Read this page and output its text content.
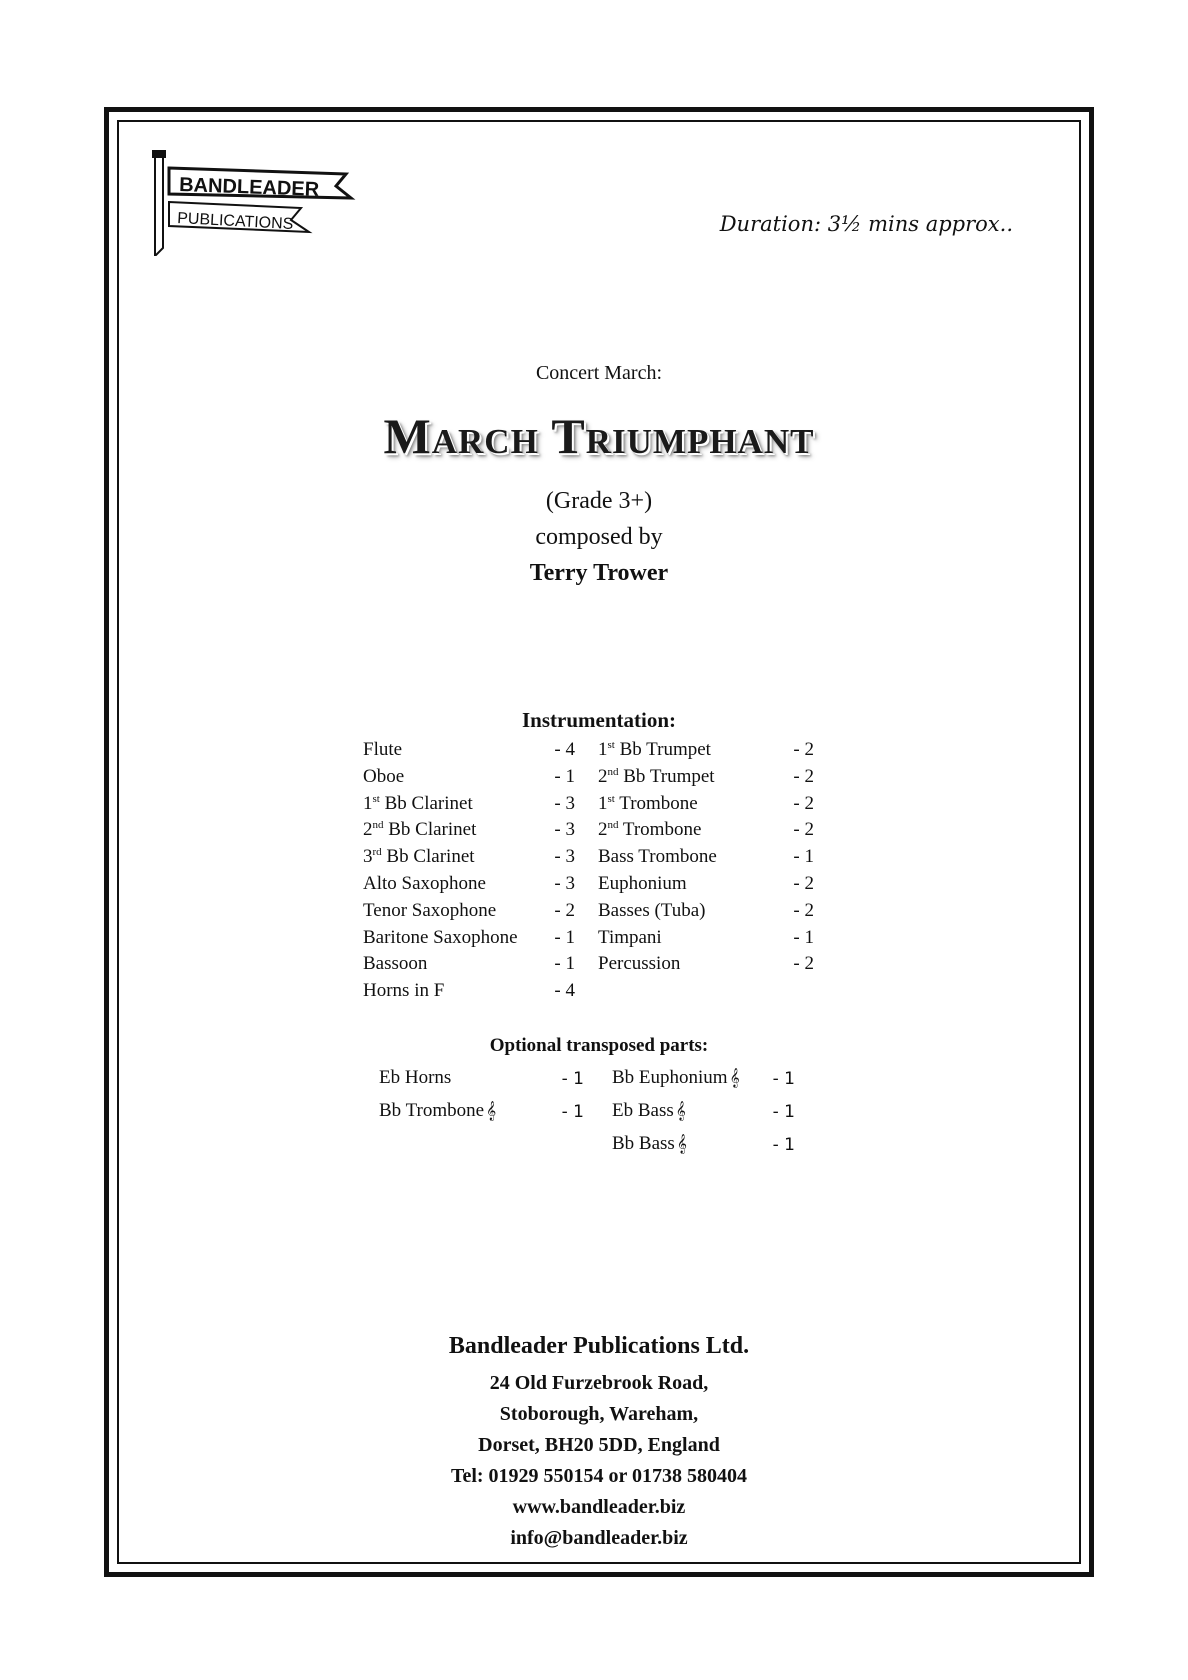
BANDLEADER
PUBLICATIONS	Duration: 3½ mins approx..
Concert March:
March Triumphant
(Grade 3+)
composed by
Terry Trower
Instrumentation:
Flute	- 4
Oboe	- 1
1st Bb Clarinet	- 3
2nd Bb Clarinet	- 3
3rd Bb Clarinet	- 3
Alto Saxophone	- 3
Tenor Saxophone	- 2
Baritone Saxophone - 1
Bassoon	- 1
Horns in F	- 4
1st Bb Trumpet	- 2
2nd Bb Trumpet	- 2
1st Trombone	- 2
2nd Trombone	- 2
Bass Trombone	- 1
Euphonium	- 2
Basses (Tuba)	- 2
Timpani	- 1
Percussion	- 2
Optional transposed parts:
Eb Horns	- 1
Bb Trombone 𝄞	- 1
Bb Euphonium 𝄞 - 1
Eb Bass 𝄞	- 1
Bb Bass 𝄞	- 1
Bandleader Publications Ltd.
24 Old Furzebrook Road,
Stoborough, Wareham,
Dorset, BH20 5DD, England
Tel: 01929 550154 or 01738 580404
www.bandleader.biz
info@bandleader.biz
